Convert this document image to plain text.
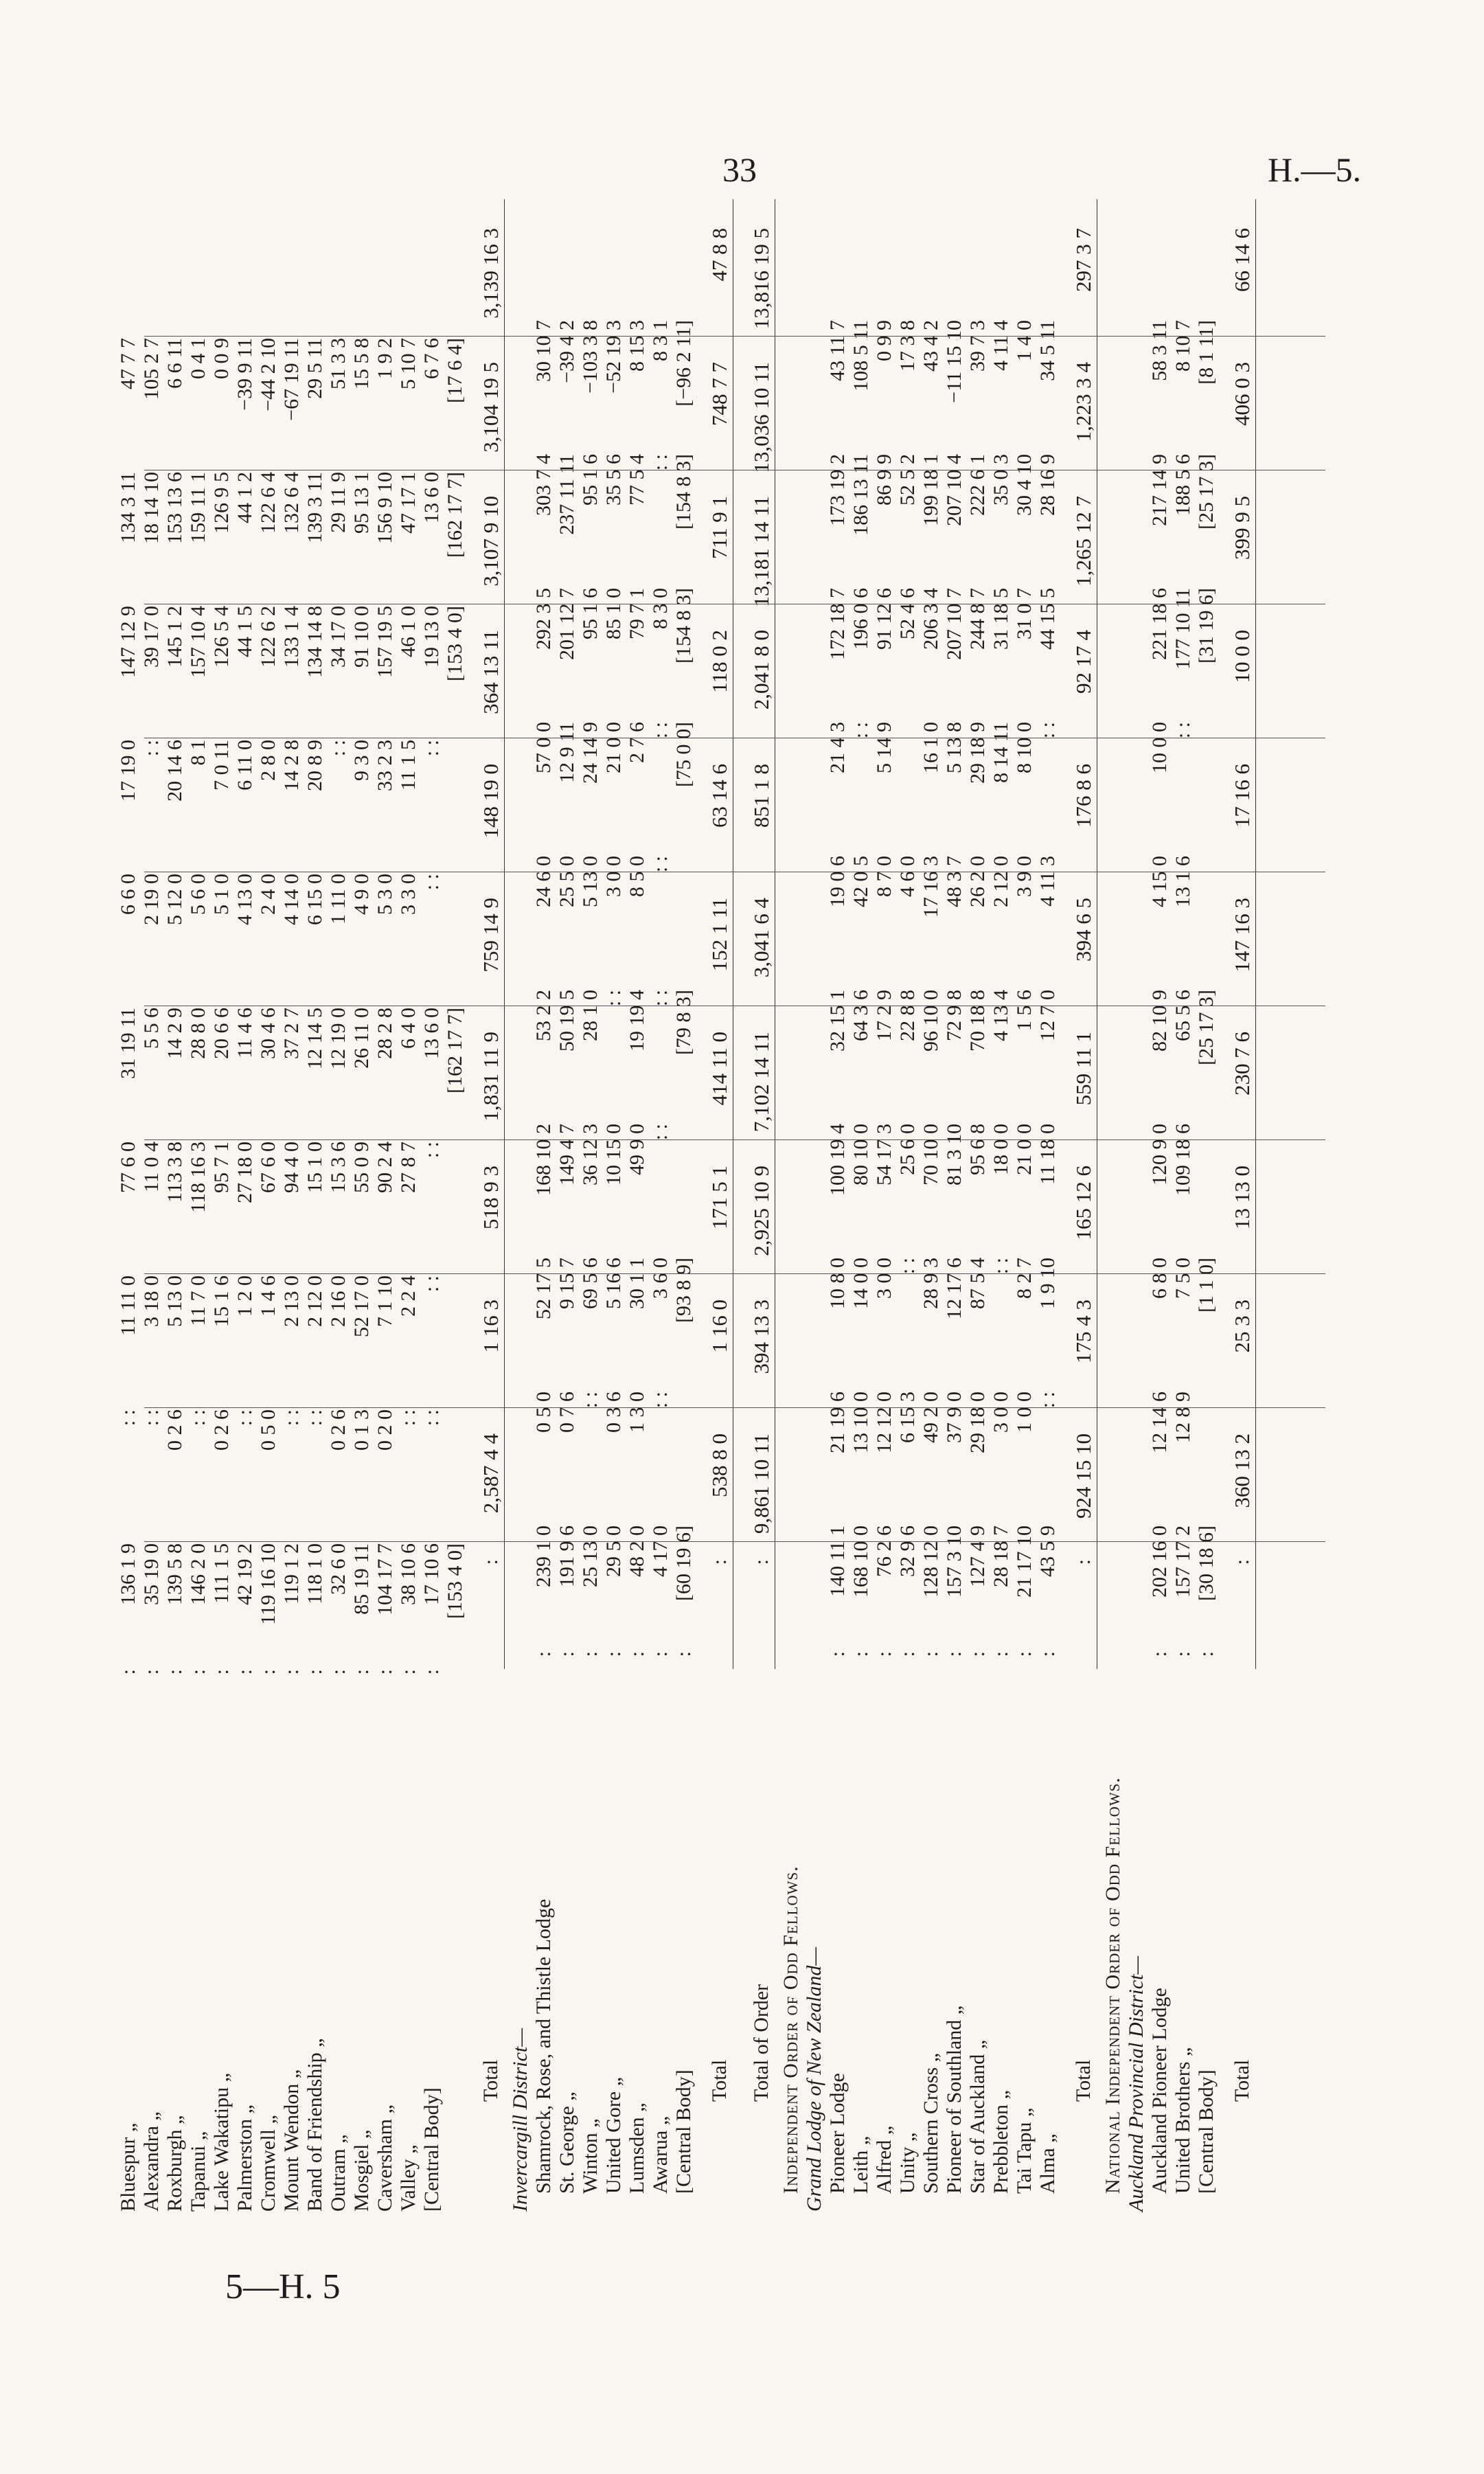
33	H.—5.
5—H. 5
Bluespur „
:
136 1 9
: :
11 11 0
77 6 0
31 19 11
6 6 0
17 19 0
147 12 9
134 3 11
47 7 7
Alexandra „
:
35 19 0
: :
3 18 0
11 0 4
5 5 6
2 19 0
: :
39 17 0
18 14 10
105 2 7
Roxburgh „
:
139 5 8
0 2 6
5 13 0
113 3 8
14 2 9
5 12 0
20 14 6
145 1 2
153 13 6
6 6 11
Tapanui „
:
146 2 0
: :
11 7 0
118 16 3
28 8 0
5 6 0
8 1
157 10 4
159 11 1
0 4 1
Lake Wakatipu „
:
111 1 5
0 2 6
15 1 6
95 7 1
20 6 6
5 1 0
7 0 11
126 5 4
126 9 5
0 0 9
Palmerston „
:
42 19 2
: :
1 2 0
27 18 0
11 4 6
4 13 0
6 11 0
44 1 5
44 1 2
−39 9 11
Cromwell „
:
119 16 10
0 5 0
1 4 6
67 6 0
30 4 6
2 4 0
2 8 0
122 6 2
122 6 4
−44 2 10
Mount Wendon „
:
119 1 2
: :
2 13 0
94 4 0
37 2 7
4 14 0
14 2 8
133 1 4
132 6 4
−67 19 11
Band of Friendship „
:
118 1 0
: :
2 12 0
15 1 0
12 14 5
6 15 0
20 8 9
134 14 8
139 3 11
29 5 11
Outram „
:
32 6 0
0 2 6
2 16 0
15 3 6
12 19 0
1 11 0
: :
34 17 0
29 11 9
51 3 3
Mosgiel „
:
85 19 11
0 1 3
52 17 0
55 0 9
26 11 0
4 9 0
9 3 0
91 10 0
95 13 1
15 5 8
Caversham „
:
104 17 7
0 2 0
7 1 10
90 2 4
28 2 8
5 3 0
33 2 3
157 19 5
156 9 10
1 9 2
Valley „
:
38 10 6
: :
2 2 4
27 8 7
6 4 0
3 3 0
11 1 5
46 1 0
47 17 1
5 10 7
[Central Body]
:
17 10 6
: :
: :
: :
13 6 0
: :
: :
19 13 0
13 6 0
6 7 6
[153 4 0]
[162 17 7]
[153 4 0]
[162 17 7]
[17 6 4]
Total
:
2,587 4 4
1 16 3
518 9 3
1,831 11 9
759 14 9
148 19 0
364 13 11
3,107 9 10
3,104 19 5
3,139 16 3
Invercargill District— Shamrock, Rose, and Thistle Lodge
:
239 1 0
0 5 0
52 17 5
168 10 2
53 2 2
24 6 0
57 0 0
292 3 5
303 7 4
30 10 7
St. George „
:
191 9 6
0 7 6
9 15 7
149 4 7
50 19 5
25 5 0
12 9 11
201 12 7
237 11 11
−39 4 2
Winton „
:
25 13 0
: :
69 5 6
36 12 3
28 1 0
5 13 0
24 14 9
95 1 6
95 1 6
−103 3 8
United Gore „
:
29 5 0
0 3 6
5 16 6
10 15 0
: :
3 0 0
21 0 0
85 1 0
35 5 6
−52 19 3
Lumsden „
:
48 2 0
1 3 0
30 1 1
49 9 0
19 19 4
8 5 0
2 7 6
79 7 1
77 5 4
8 15 3
Awarua „
:
4 17 0
: :
3 6 0
: :
: :
: :
: :
8 3 0
: :
8 3 1
[Central Body]
:
[60 19 6]
[93 8 9]
[79 8 3]
[75 0 0]
[154 8 3]
[154 8 3]
[−96 2 11]
Total
:
538 8 0
1 16 0
171 5 1
414 11 0
152 1 11
63 14 6
118 0 2
711 9 1
748 7 7
47 8 8
Total of Order
:
9,861 10 11
394 13 3
2,925 10 9
7,102 14 11
3,041 6 4
851 1 8
2,041 8 0
13,181 14 11
13,036 10 11
13,816 19 5
Independent Order of Odd Fellows. Grand Lodge of New Zealand— Pioneer Lodge
:
140 11 1
21 19 6
10 8 0
100 19 4
32 15 1
19 0 6
21 4 3
172 18 7
173 19 2
43 11 7
Leith „
:
168 10 0
13 10 0
14 0 0
80 10 0
64 3 6
42 0 5
: :
196 0 6
186 13 11
108 5 11
Alfred „
:
76 2 6
12 12 0
3 0 0
54 17 3
17 2 9
8 7 0
5 14 9
91 12 6
86 9 9
0 9 9
Unity „
:
32 9 6
6 15 3
: :
25 6 0
22 8 8
4 6 0
52 4 6
52 5 2
17 3 8
Southern Cross „
:
128 12 0
49 2 0
28 9 3
70 10 0
96 10 0
17 16 3
16 1 0
206 3 4
199 18 1
43 4 2
Pioneer of Southland „
:
157 3 10
37 9 0
12 17 6
81 3 10
72 9 8
48 3 7
5 13 8
207 10 7
207 10 4
−11 15 10
Star of Auckland „
:
127 4 9
29 18 0
87 5 4
95 6 8
70 18 8
26 2 0
29 18 9
244 8 7
222 6 1
39 7 3
Prebbleton „
:
28 18 7
3 0 0
: :
18 0 0
4 13 4
2 12 0
8 14 11
31 18 5
35 0 3
4 11 4
Tai Tapu „
:
21 17 10
1 0 0
8 2 7
21 0 0
1 5 6
3 9 0
8 10 0
31 0 7
30 4 10
1 4 0
Alma „
:
43 5 9
: :
1 9 10
11 18 0
12 7 0
4 11 3
: :
44 15 5
28 16 9
34 5 11
Total
:
924 15 10
175 4 3
165 12 6
559 11 1
394 6 5
176 8 6
92 17 4
1,265 12 7
1,223 3 4
297 3 7
National Independent Order of Odd Fellows. Auckland Provincial District— Auckland Pioneer Lodge
:
202 16 0
12 14 6
6 8 0
120 9 0
82 10 9
4 15 0
10 0 0
221 18 6
217 14 9
58 3 11
United Brothers „
:
157 17 2
12 8 9
7 5 0
109 18 6
65 5 6
13 1 6
: :
177 10 11
188 5 6
8 10 7
[Central Body]
:
[30 18 6]
[1 1 0]
[25 17 3]
[31 19 6]
[25 17 3]
[8 1 11]
Total
:
360 13 2
25 3 3
13 13 0
230 7 6
147 16 3
17 16 6
10 0 0
399 9 5
406 0 3
66 14 6
